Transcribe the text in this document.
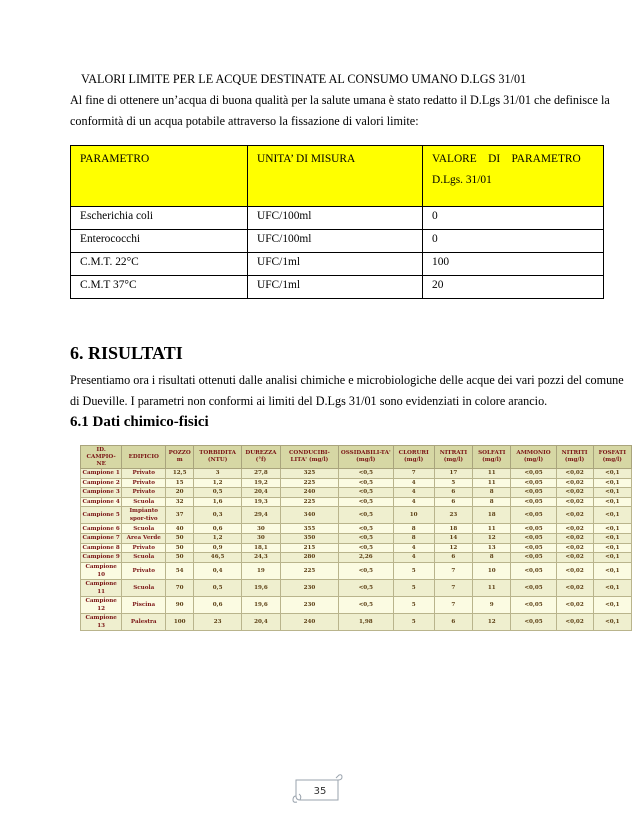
VALORI LIMITE PER LE ACQUE DESTINATE AL CONSUMO UMANO D.LGS 31/01
Al fine di ottenere un’acqua di buona qualità per la salute umana è stato redatto il D.Lgs 31/01 che definisce la
conformità di un acqua potabile attraverso la fissazione di valori limite:
PARAMETRO	UNITA’ DI MISURA	VALORE    DI    PARAMETRO
D.Lgs. 31/01

Escherichia coli	UFC/100ml	0
Enterococchi	UFC/100ml	0
C.M.T. 22°C	UFC/1ml	100
C.M.T 37°C	UFC/1ml	20
6. RISULTATI
Presentiamo ora i risultati ottenuti dalle analisi chimiche e microbiologiche delle acque dei vari pozzi del comune
di Dueville. I parametri non conformi ai limiti del D.Lgs 31/01 sono evidenziati in colore arancio.
6.1 Dati chimico-fisici
ID. CAMPIO-NE	EDIFICIO	POZZO m	TORBIDITA (NTU)	DUREZZA (°f)	CONDUCIBI-LITA' (mg/l)	OSSIDABILI-TA' (mg/l)	CLORURI (mg/l)	NITRATI (mg/l)	SOLFATI (mg/l)	AMMONIO (mg/l)	NITRITI (mg/l)	FOSFATI (mg/l)
Campione 1	Privato	12,5	3	27,8	325	<0,5	7	17	11	<0,05	<0,02	<0,1
Campione 2	Privato	15	1,2	19,2	225	<0,5	4	5	11	<0,05	<0,02	<0,1
Campione 3	Privato	20	0,5	20,4	240	<0,5	4	6	8	<0,05	<0,02	<0,1
Campione 4	Scuola	32	1,6	19,3	225	<0,5	4	6	8	<0,05	<0,02	<0,1
Campione 5	Impianto spor-tivo	37	0,3	29,4	340	<0,5	10	23	18	<0,05	<0,02	<0,1
Campione 6	Scuola	40	0,6	30	355	<0,5	8	18	11	<0,05	<0,02	<0,1
Campione 7	Area Verde	50	1,2	30	350	<0,5	8	14	12	<0,05	<0,02	<0,1
Campione 8	Privato	50	0,9	18,1	215	<0,5	4	12	13	<0,05	<0,02	<0,1
Campione 9	Scuola	50	46,5	24,3	280	2,26	4	6	8	<0,05	<0,02	<0,1
Campione 10	Privato	54	0,4	19	225	<0,5	5	7	10	<0,05	<0,02	<0,1
Campione 11	Scuola	70	0,5	19,6	230	<0,5	5	7	11	<0,05	<0,02	<0,1
Campione 12	Piscina	90	0,6	19,6	230	<0,5	5	7	9	<0,05	<0,02	<0,1
Campione 13	Palestra	100	23	20,4	240	1,98	5	6	12	<0,05	<0,02	<0,1
35
